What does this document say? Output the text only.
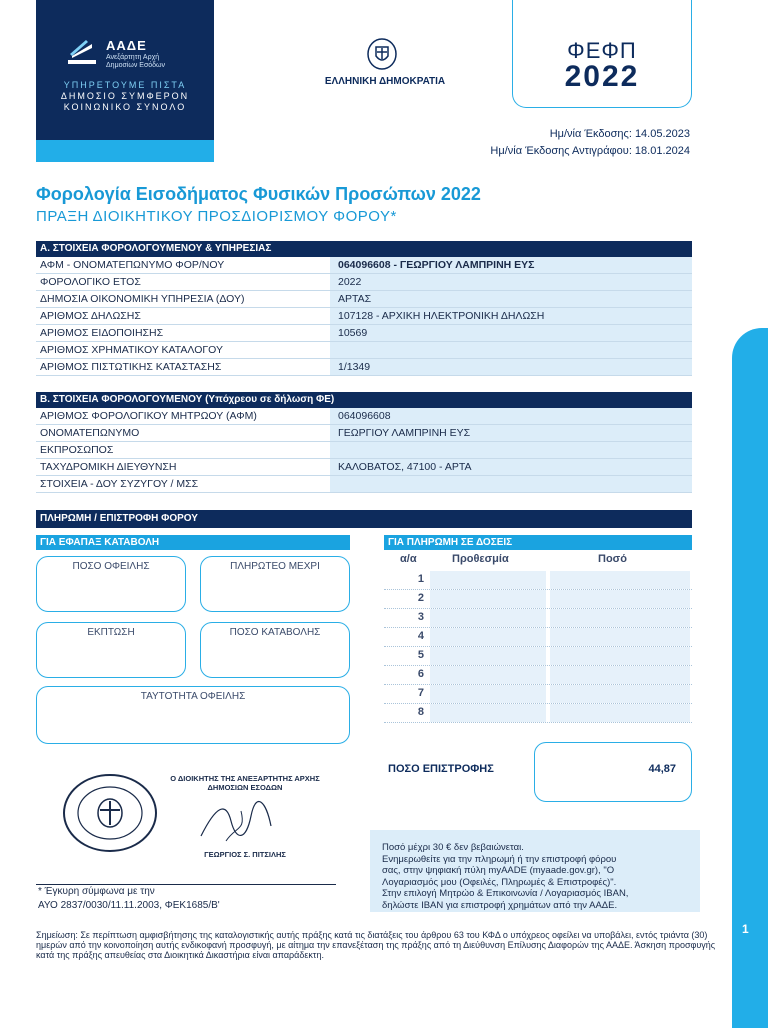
ΑΑΔΕ
Ανεξάρτητη Αρχή Δημοσίων Εσόδων
ΥΠΗΡΕΤΟΥΜΕ ΠΙΣΤΑ
ΔΗΜΟΣΙΟ ΣΥΜΦΕΡΟΝ
ΚΟΙΝΩΝΙΚΟ ΣΥΝΟΛΟ
ΕΛΛΗΝΙΚΗ ΔΗΜΟΚΡΑΤΙΑ
ΦΕΦΠ
2022
Ημ/νία Έκδοσης: 14.05.2023
Ημ/νία Έκδοσης Αντιγράφου: 18.01.2024
Φορολογία Εισοδήματος Φυσικών Προσώπων 2022
ΠΡΑΞΗ ΔΙΟΙΚΗΤΙΚΟΥ ΠΡΟΣΔΙΟΡΙΣΜΟΥ ΦΟΡΟΥ*
Α. ΣΤΟΙΧΕΙΑ ΦΟΡΟΛΟΓΟΥΜΕΝΟΥ & ΥΠΗΡΕΣΙΑΣ
ΑΦΜ - ΟΝΟΜΑΤΕΠΩΝΥΜΟ ΦΟΡ/ΝΟΥ	064096608 - ΓΕΩΡΓΙΟΥ ΛΑΜΠΡΙΝΗ ΕΥΣ
ΦΟΡΟΛΟΓΙΚΟ ΕΤΟΣ	2022
ΔΗΜΟΣΙΑ ΟΙΚΟΝΟΜΙΚΗ ΥΠΗΡΕΣΙΑ (ΔΟΥ)	ΑΡΤΑΣ
ΑΡΙΘΜΟΣ ΔΗΛΩΣΗΣ	107128 - ΑΡΧΙΚΗ ΗΛΕΚΤΡΟΝΙΚΗ ΔΗΛΩΣΗ
ΑΡΙΘΜΟΣ ΕΙΔΟΠΟΙΗΣΗΣ	10569
ΑΡΙΘΜΟΣ ΧΡΗΜΑΤΙΚΟΥ ΚΑΤΑΛΟΓΟΥ
ΑΡΙΘΜΟΣ ΠΙΣΤΩΤΙΚΗΣ ΚΑΤΑΣΤΑΣΗΣ	1/1349
Β. ΣΤΟΙΧΕΙΑ ΦΟΡΟΛΟΓΟΥΜΕΝΟΥ (Υπόχρεου σε δήλωση ΦΕ)
ΑΡΙΘΜΟΣ ΦΟΡΟΛΟΓΙΚΟΥ ΜΗΤΡΩΟΥ (ΑΦΜ)	064096608
ΟΝΟΜΑΤΕΠΩΝΥΜΟ	ΓΕΩΡΓΙΟΥ ΛΑΜΠΡΙΝΗ ΕΥΣ
ΕΚΠΡΟΣΩΠΟΣ
ΤΑΧΥΔΡΟΜΙΚΗ ΔΙΕΥΘΥΝΣΗ	ΚΑΛΟΒΑΤΟΣ, 47100 - ΑΡΤΑ
ΣΤΟΙΧΕΙΑ - ΔΟΥ ΣΥΖΥΓΟΥ / ΜΣΣ
ΠΛΗΡΩΜΗ / ΕΠΙΣΤΡΟΦΗ ΦΟΡΟΥ
ΓΙΑ ΕΦΑΠΑΞ ΚΑΤΑΒΟΛΗ
ΠΟΣΟ ΟΦΕΙΛΗΣ	ΠΛΗΡΩΤΕΟ ΜΕΧΡΙ
ΕΚΠΤΩΣΗ	ΠΟΣΟ ΚΑΤΑΒΟΛΗΣ
ΤΑΥΤΟΤΗΤΑ ΟΦΕΙΛΗΣ
ΓΙΑ ΠΛΗΡΩΜΗ ΣΕ ΔΟΣΕΙΣ
α/α	Προθεσμία	Ποσό
1
2
3
4
5
6
7
8
ΠΟΣΟ ΕΠΙΣΤΡΟΦΗΣ	44,87
Ο ΔΙΟΙΚΗΤΗΣ ΤΗΣ ΑΝΕΞΑΡΤΗΤΗΣ ΑΡΧΗΣ
ΔΗΜΟΣΙΩΝ ΕΣΟΔΩΝ
ΓΕΩΡΓΙΟΣ Σ. ΠΙΤΣΙΛΗΣ
Ποσό μέχρι 30 € δεν βεβαιώνεται.
Ενημερωθείτε για την πληρωμή ή την επιστροφή φόρου
σας, στην ψηφιακή πύλη myAADE (myaade.gov.gr), "Ο
Λογαριασμός μου (Οφειλές, Πληρωμές & Επιστροφές)".
Στην επιλογή Μητρώο & Επικοινωνία / Λογαριασμός IBAN,
δηλώστε IBAN για επιστροφή χρημάτων από την ΑΑΔΕ.
* Έγκυρη σύμφωνα με την
ΑΥΟ 2837/0030/11.11.2003, ΦΕΚ1685/Β'
Σημείωση: Σε περίπτωση αμφισβήτησης της καταλογιστικής αυτής πράξης κατά τις διατάξεις του άρθρου 63 του ΚΦΔ ο υπόχρεος οφείλει να υποβάλει, εντός τριάντα (30) ημερών από την κοινοποίηση αυτής ενδικοφανή προσφυγή, με αίτημα την επανεξέταση της πράξης από τη Διεύθυνση Επίλυσης Διαφορών της ΑΑΔΕ. Άσκηση προσφυγής κατά της πράξης απευθείας στα Διοικητικά Δικαστήρια είναι απαράδεκτη.
1
